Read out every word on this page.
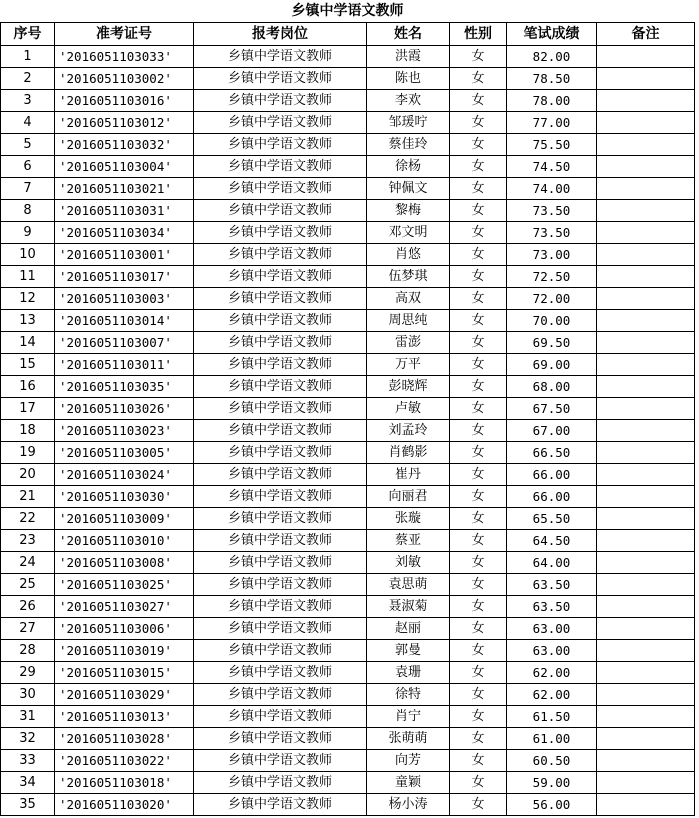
乡镇中学语文教师
序号	准考证号	报考岗位	姓名	性别	笔试成绩	备注
1	'2016051103033'	乡镇中学语文教师	洪霞	女	82.00	
2	'2016051103002'	乡镇中学语文教师	陈也	女	78.50	
3	'2016051103016'	乡镇中学语文教师	李欢	女	78.00	
4	'2016051103012'	乡镇中学语文教师	邹瑗咛	女	77.00	
5	'2016051103032'	乡镇中学语文教师	蔡佳玲	女	75.50	
6	'2016051103004'	乡镇中学语文教师	徐杨	女	74.50	
7	'2016051103021'	乡镇中学语文教师	钟佩文	女	74.00	
8	'2016051103031'	乡镇中学语文教师	黎梅	女	73.50	
9	'2016051103034'	乡镇中学语文教师	邓文明	女	73.50	
10	'2016051103001'	乡镇中学语文教师	肖悠	女	73.00	
11	'2016051103017'	乡镇中学语文教师	伍梦琪	女	72.50	
12	'2016051103003'	乡镇中学语文教师	高双	女	72.00	
13	'2016051103014'	乡镇中学语文教师	周思纯	女	70.00	
14	'2016051103007'	乡镇中学语文教师	雷澎	女	69.50	
15	'2016051103011'	乡镇中学语文教师	万平	女	69.00	
16	'2016051103035'	乡镇中学语文教师	彭晓辉	女	68.00	
17	'2016051103026'	乡镇中学语文教师	卢敏	女	67.50	
18	'2016051103023'	乡镇中学语文教师	刘孟玲	女	67.00	
19	'2016051103005'	乡镇中学语文教师	肖鹤影	女	66.50	
20	'2016051103024'	乡镇中学语文教师	崔丹	女	66.00	
21	'2016051103030'	乡镇中学语文教师	向丽君	女	66.00	
22	'2016051103009'	乡镇中学语文教师	张璇	女	65.50	
23	'2016051103010'	乡镇中学语文教师	蔡亚	女	64.50	
24	'2016051103008'	乡镇中学语文教师	刘敏	女	64.00	
25	'2016051103025'	乡镇中学语文教师	袁思萌	女	63.50	
26	'2016051103027'	乡镇中学语文教师	聂淑菊	女	63.50	
27	'2016051103006'	乡镇中学语文教师	赵丽	女	63.00	
28	'2016051103019'	乡镇中学语文教师	郭曼	女	63.00	
29	'2016051103015'	乡镇中学语文教师	袁珊	女	62.00	
30	'2016051103029'	乡镇中学语文教师	徐特	女	62.00	
31	'2016051103013'	乡镇中学语文教师	肖宁	女	61.50	
32	'2016051103028'	乡镇中学语文教师	张萌萌	女	61.00	
33	'2016051103022'	乡镇中学语文教师	向芳	女	60.50	
34	'2016051103018'	乡镇中学语文教师	童颖	女	59.00	
35	'2016051103020'	乡镇中学语文教师	杨小涛	女	56.00	
